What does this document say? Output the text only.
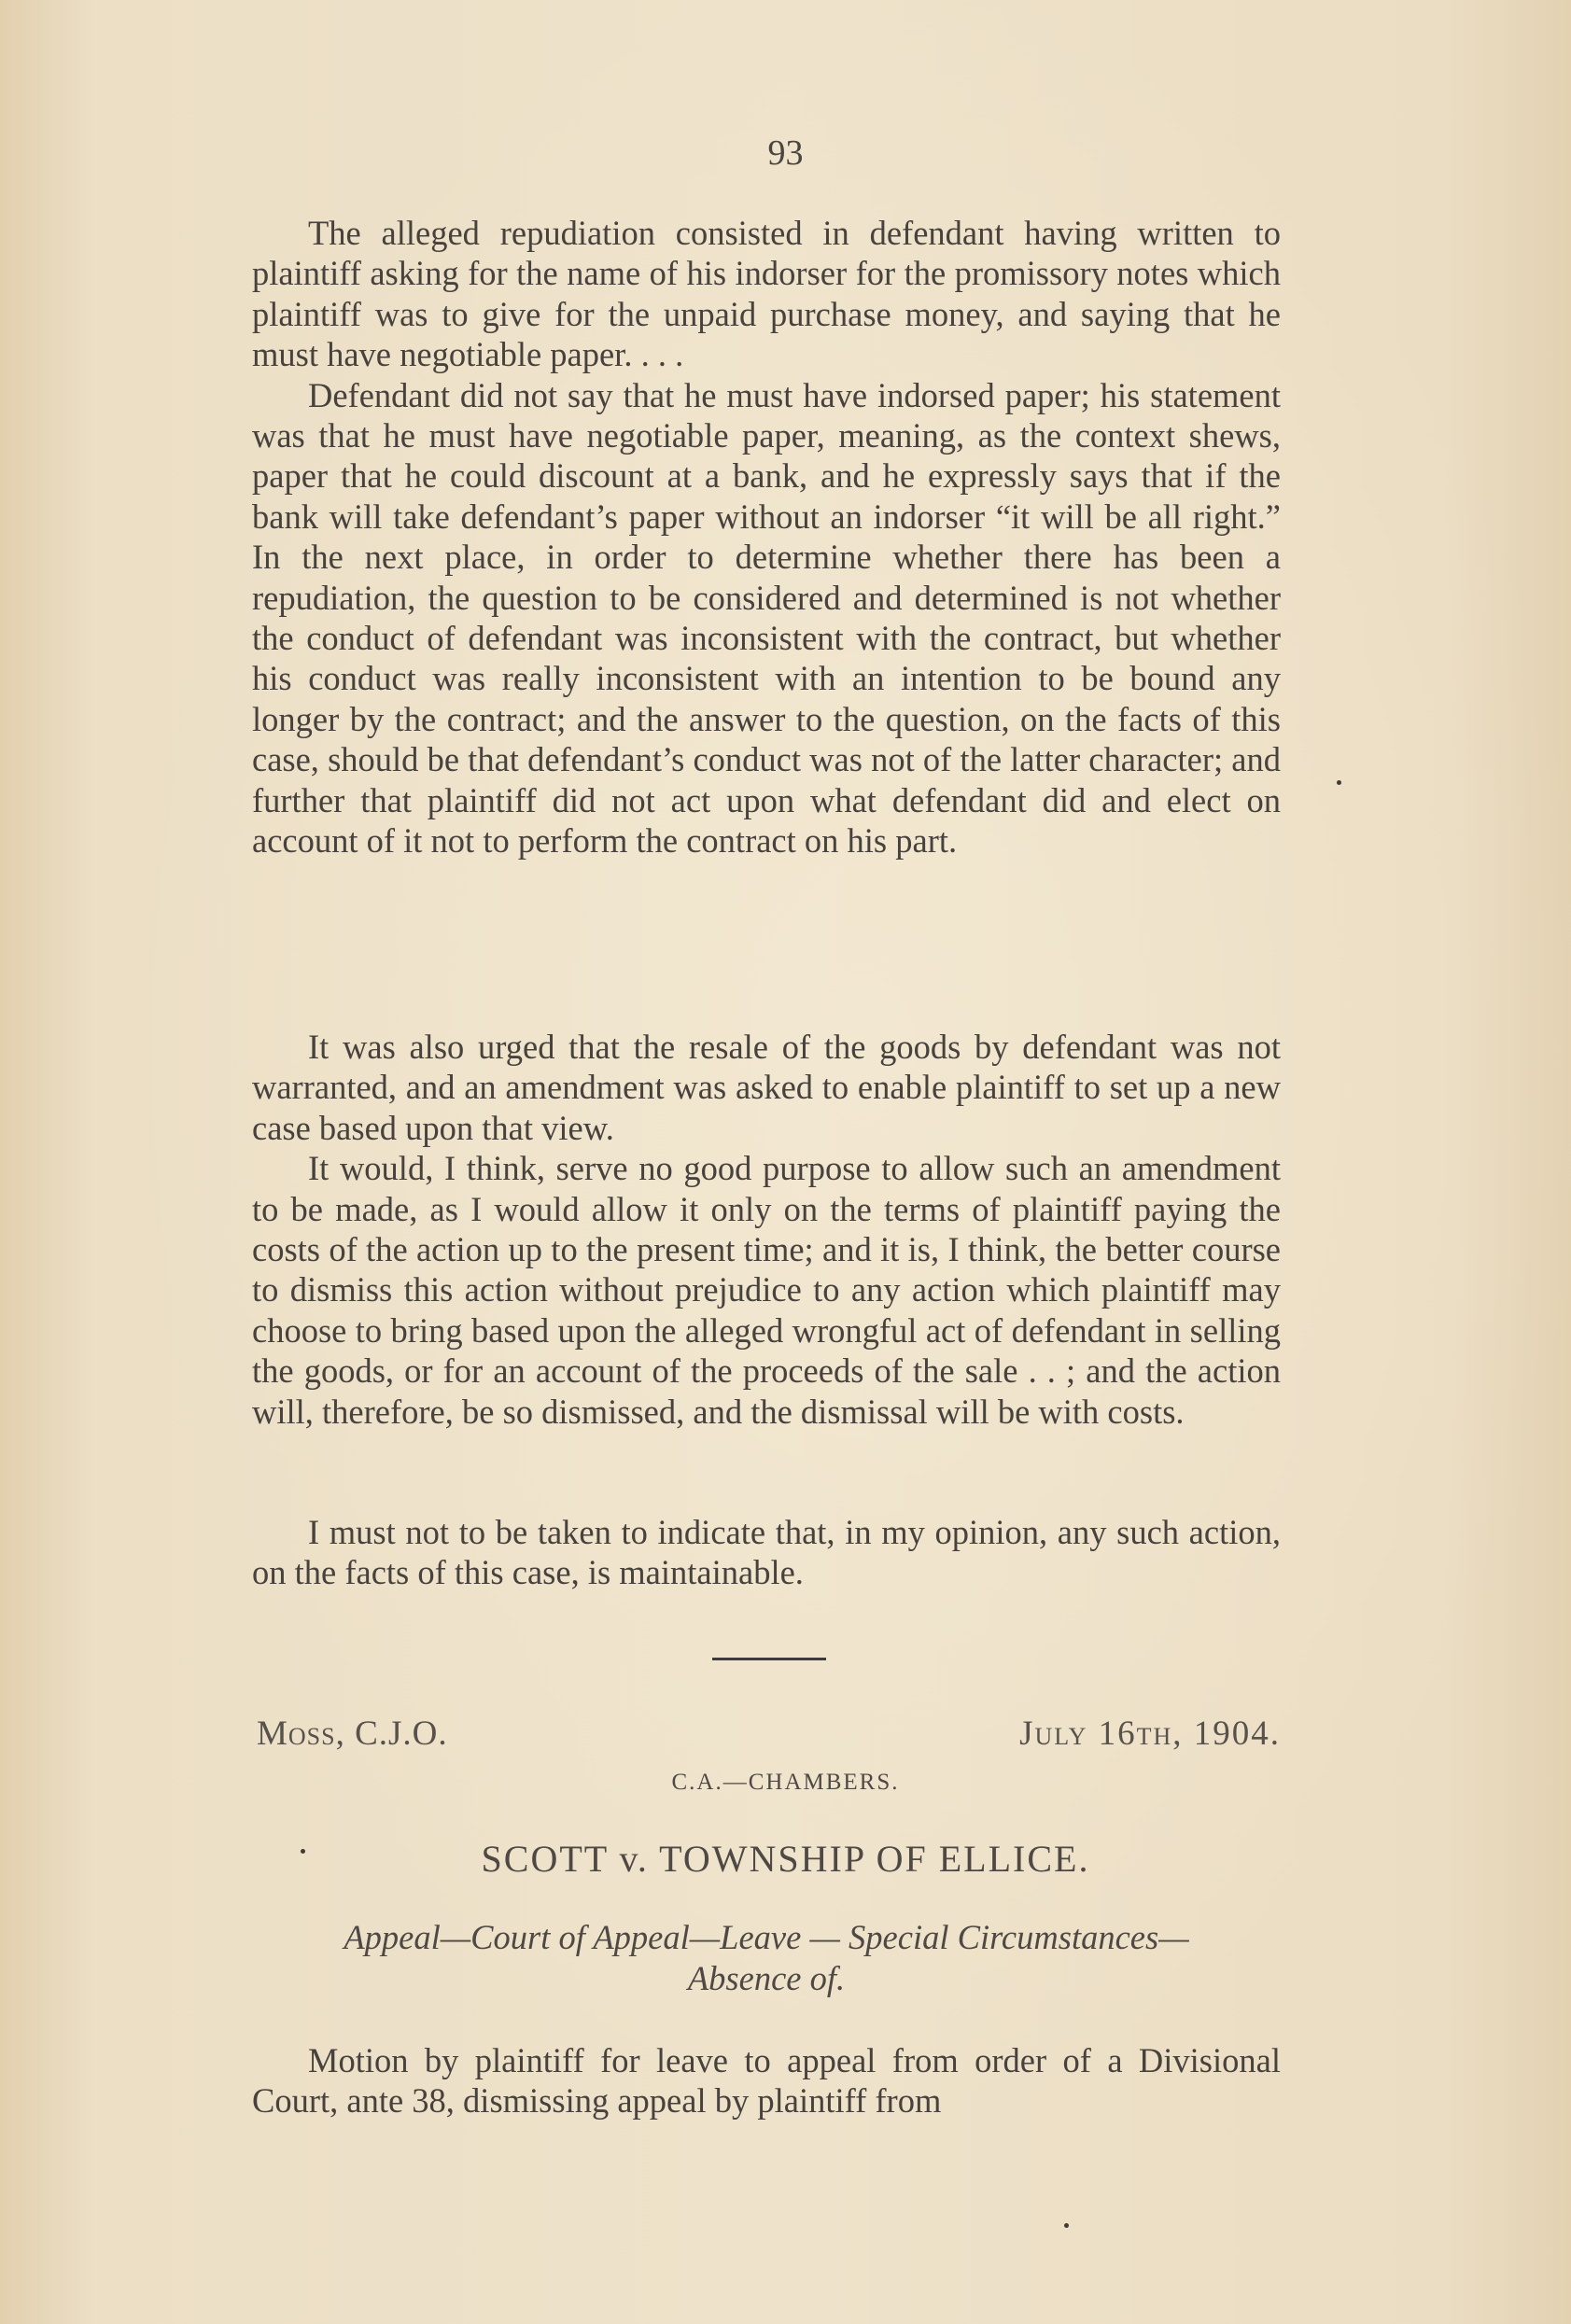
93

The alleged repudiation consisted in defendant having written to plaintiff asking for the name of his indorser for the promissory notes which plaintiff was to give for the unpaid purchase money, and saying that he must have negotiable paper. . . .

Defendant did not say that he must have indorsed paper; his statement was that he must have negotiable paper, meaning, as the context shews, paper that he could discount at a bank, and he expressly says that if the bank will take defendant’s paper without an indorser “it will be all right.” In the next place, in order to determine whether there has been a repudiation, the question to be considered and determined is not whether the conduct of defendant was inconsistent with the contract, but whether his conduct was really inconsistent with an intention to be bound any longer by the contract; and the answer to the question, on the facts of this case, should be that defendant’s conduct was not of the latter character; and further that plaintiff did not act upon what defendant did and elect on account of it not to perform the contract on his part.

It was also urged that the resale of the goods by defendant was not warranted, and an amendment was asked to enable plaintiff to set up a new case based upon that view.

It would, I think, serve no good purpose to allow such an amendment to be made, as I would allow it only on the terms of plaintiff paying the costs of the action up to the present time; and it is, I think, the better course to dismiss this action without prejudice to any action which plaintiff may choose to bring based upon the alleged wrongful act of defendant in selling the goods, or for an account of the proceeds of the sale . . ; and the action will, therefore, be so dismissed, and the dismissal will be with costs.

I must not to be taken to indicate that, in my opinion, any such action, on the facts of this case, is maintainable.

Moss, C.J.O.	July 16th, 1904.
C.A.—CHAMBERS.
SCOTT v. TOWNSHIP OF ELLICE.
Appeal—Court of Appeal—Leave — Special Circumstances—
Absence of.

Motion by plaintiff for leave to appeal from order of a Divisional Court, ante 38, dismissing appeal by plaintiff from
